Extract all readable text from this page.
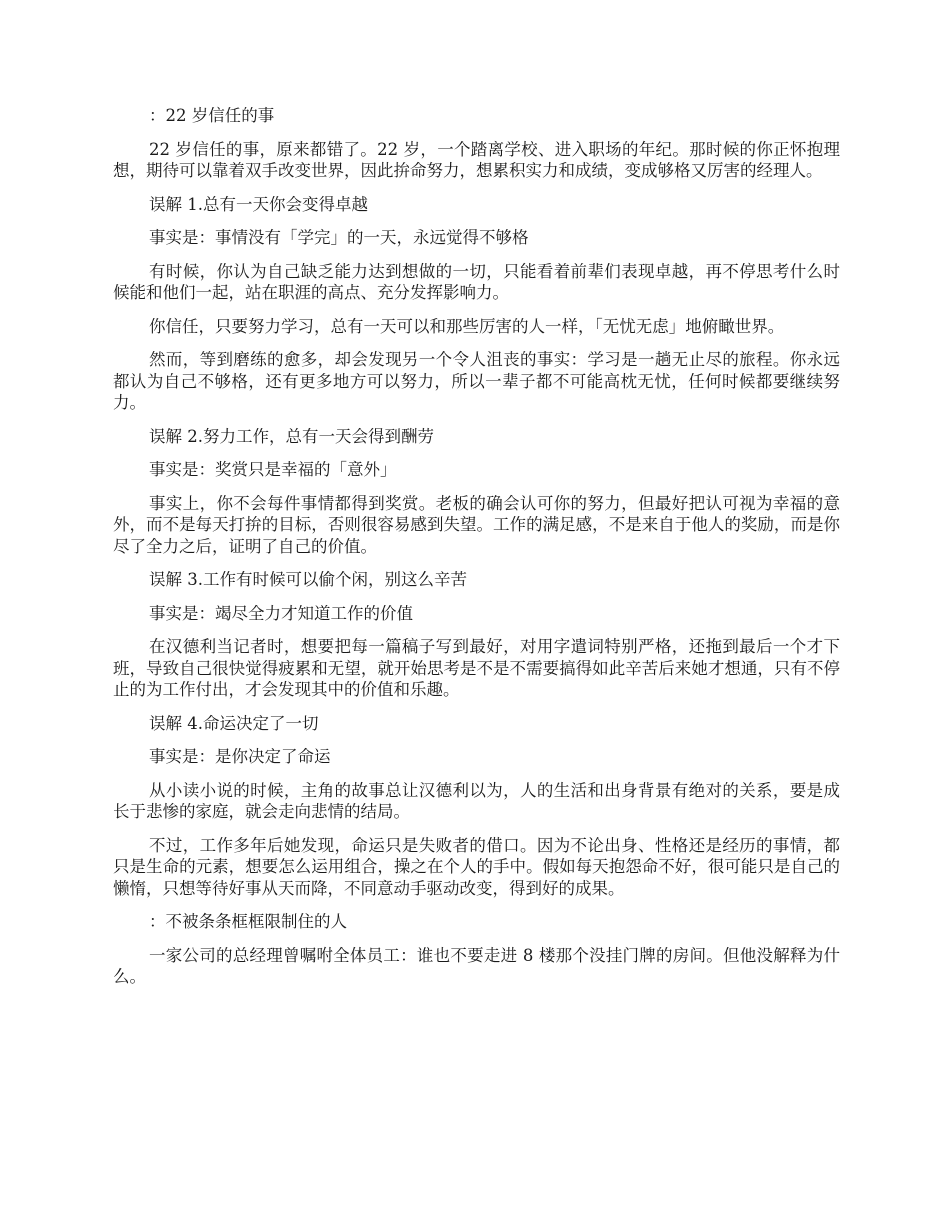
：22 岁信任的事

22 岁信任的事，原来都错了。22 岁，一个踏离学校、进入职场的年纪。那时候的你正怀抱理想，期待可以靠着双手改变世界，因此拚命努力，想累积实力和成绩，变成够格又厉害的经理人。

误解 1.总有一天你会变得卓越

事实是：事情没有「学完」的一天，永远觉得不够格

有时候，你认为自己缺乏能力达到想做的一切，只能看着前辈们表现卓越，再不停思考什么时候能和他们一起，站在职涯的高点、充分发挥影响力。

你信任，只要努力学习，总有一天可以和那些厉害的人一样，「无忧无虑」地俯瞰世界。

然而，等到磨练的愈多，却会发现另一个令人沮丧的事实：学习是一趟无止尽的旅程。你永远都认为自己不够格，还有更多地方可以努力，所以一辈子都不可能高枕无忧，任何时候都要继续努力。

误解 2.努力工作，总有一天会得到酬劳

事实是：奖赏只是幸福的「意外」

事实上，你不会每件事情都得到奖赏。老板的确会认可你的努力，但最好把认可视为幸福的意外，而不是每天打拚的目标，否则很容易感到失望。工作的满足感，不是来自于他人的奖励，而是你尽了全力之后，证明了自己的价值。

误解 3.工作有时候可以偷个闲，别这么辛苦

事实是：竭尽全力才知道工作的价值

在汉德利当记者时，想要把每一篇稿子写到最好，对用字遣词特别严格，还拖到最后一个才下班，导致自己很快觉得疲累和无望，就开始思考是不是不需要搞得如此辛苦后来她才想通，只有不停止的为工作付出，才会发现其中的价值和乐趣。

误解 4.命运决定了一切

事实是：是你决定了命运

从小读小说的时候，主角的故事总让汉德利以为，人的生活和出身背景有绝对的关系，要是成长于悲惨的家庭，就会走向悲情的结局。

不过，工作多年后她发现，命运只是失败者的借口。因为不论出身、性格还是经历的事情，都只是生命的元素，想要怎么运用组合，操之在个人的手中。假如每天抱怨命不好，很可能只是自己的懒惰，只想等待好事从天而降，不同意动手驱动改变，得到好的成果。

：不被条条框框限制住的人

一家公司的总经理曾嘱咐全体员工：谁也不要走进 8 楼那个没挂门牌的房间。但他没解释为什么。
